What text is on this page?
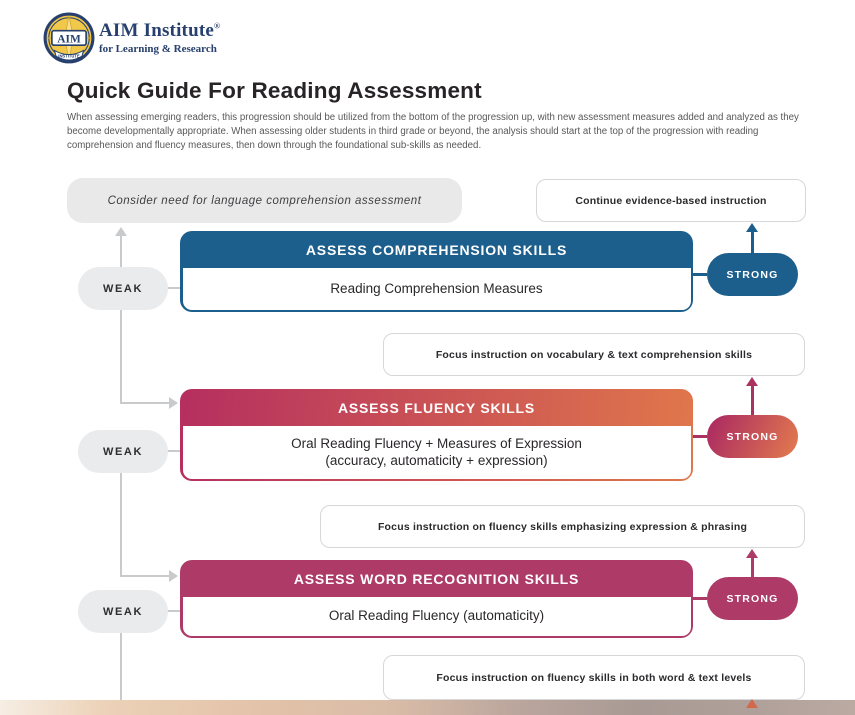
AIM
INSTITUTE
AIM Institute®
for Learning & Research
Quick Guide For Reading Assessment
When assessing emerging readers, this progression should be utilized from the bottom of the progression up, with new assessment measures added and analyzed as they become developmentally appropriate. When assessing older students in third grade or beyond, the analysis should start at the top of the progression with reading comprehension and fluency measures, then down through the foundational sub-skills as needed.
Consider need for language comprehension assessment	Continue evidence-based instruction
Focus instruction on vocabulary & text comprehension skills
Focus instruction on fluency skills emphasizing expression & phrasing
Focus instruction on fluency skills in both word & text levels
ASSESS COMPREHENSION SKILLS
Reading Comprehension Measures
ASSESS FLUENCY SKILLS
Oral Reading Fluency + Measures of Expression
(accuracy, automaticity + expression)
ASSESS WORD RECOGNITION SKILLS
Oral Reading Fluency (automaticity)
WEAK
WEAK
WEAK
STRONG
STRONG
STRONG
